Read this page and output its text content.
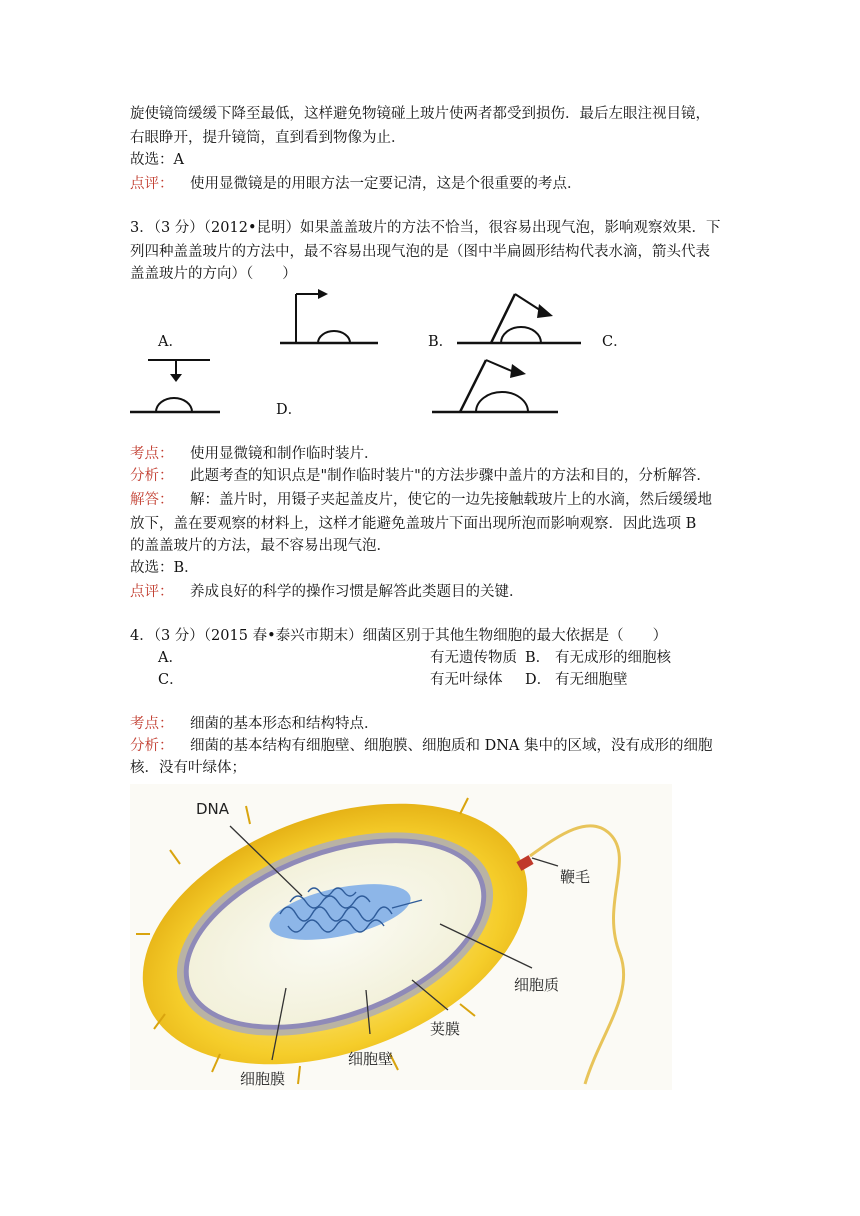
旋使镜筒缓缓下降至最低，这样避免物镜碰上玻片使两者都受到损伤．最后左眼注视目镜，
右眼睁开，提升镜筒，直到看到物像为止．
故选：A
点评： 使用显微镜是的用眼方法一定要记清，这是个很重要的考点．
3．（3 分）（2012•昆明）如果盖盖玻片的方法不恰当，很容易出现气泡，影响观察效果．下
列四种盖盖玻片的方法中，最不容易出现气泡的是（图中半扁圆形结构代表水滴，箭头代表
盖盖玻片的方向）（　　）
A．	B．	C．
D．
考点： 使用显微镜和制作临时装片．
分析： 此题考查的知识点是"制作临时装片"的方法步骤中盖片的方法和目的，分析解答．
解答： 解：盖片时，用镊子夹起盖皮片，使它的一边先接触载玻片上的水滴，然后缓缓地
放下，盖在要观察的材料上，这样才能避免盖玻片下面出现所泡而影响观察．因此选项 B
的盖盖玻片的方法，最不容易出现气泡．
故选：B．
点评： 养成良好的科学的操作习惯是解答此类题目的关键．
4．（3 分）（2015 春•泰兴市期末）细菌区别于其他生物细胞的最大依据是（　　）
A．	有无遗传物质 B． 有无成形的细胞核
C．	有无叶绿体 D． 有无细胞壁
考点： 细菌的基本形态和结构特点．
分析： 细菌的基本结构有细胞壁、细胞膜、细胞质和 DNA 集中的区域，没有成形的细胞
核．没有叶绿体；
DNA
鞭毛
细胞质
荚膜
细胞壁
细胞膜
